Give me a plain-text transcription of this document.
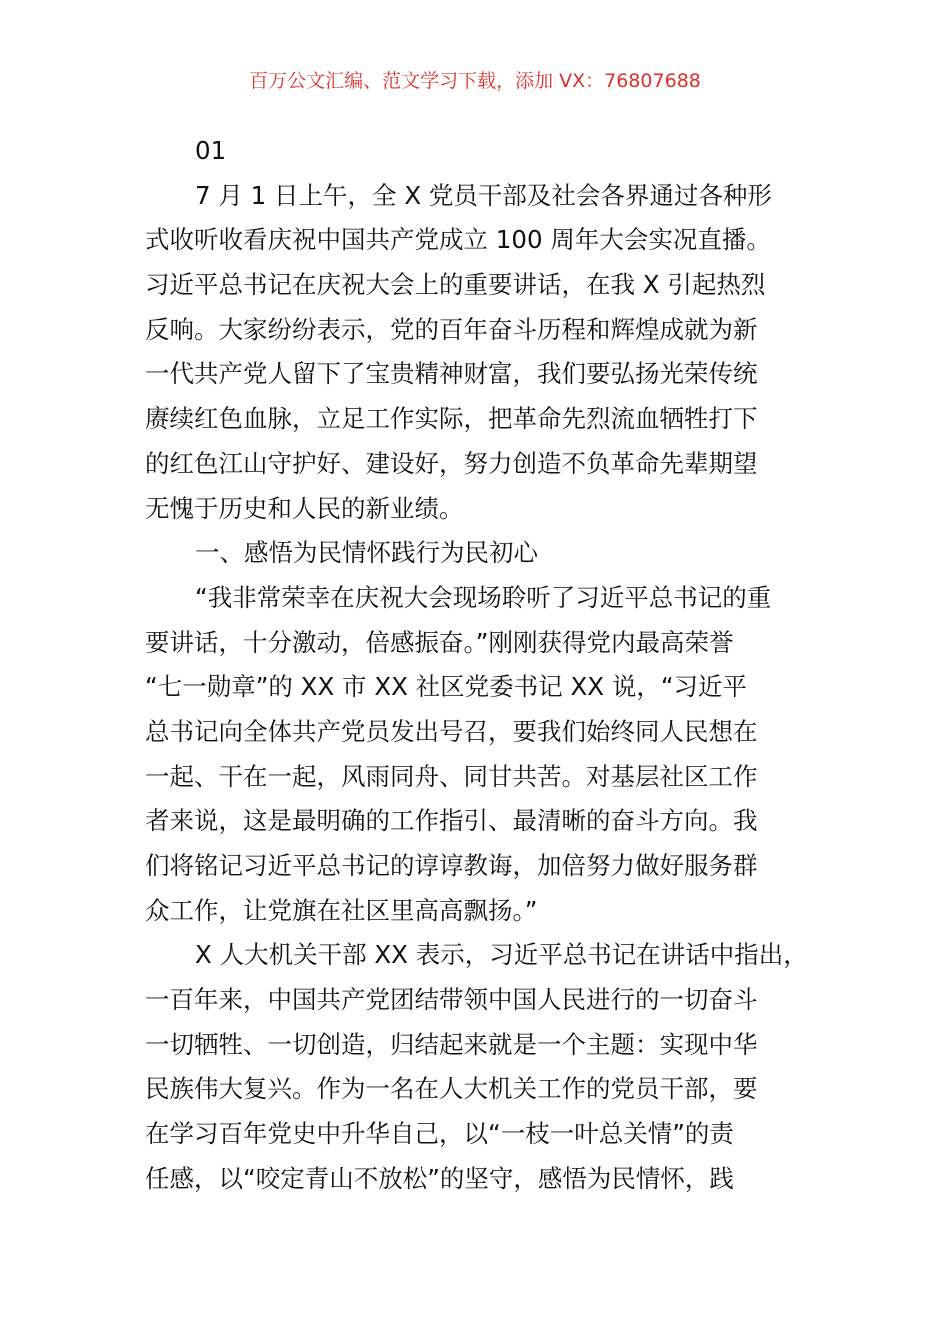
百万公文汇编、范文学习下载，添加 VX：76807688
01
7 月 1 日上午，全 X 党员干部及社会各界通过各种形
式收听收看庆祝中国共产党成立 100 周年大会实况直播。
习近平总书记在庆祝大会上的重要讲话，在我 X 引起热烈
反响。大家纷纷表示，党的百年奋斗历程和辉煌成就为新
一代共产党人留下了宝贵精神财富，我们要弘扬光荣传统
赓续红色血脉，立足工作实际，把革命先烈流血牺牲打下
的红色江山守护好、建设好，努力创造不负革命先辈期望
无愧于历史和人民的新业绩。
一、感悟为民情怀践行为民初心
“我非常荣幸在庆祝大会现场聆听了习近平总书记的重
要讲话，十分激动，倍感振奋。”刚刚获得党内最高荣誉
“七一勋章”的 XX 市 XX 社区党委书记 XX 说，“习近平
总书记向全体共产党员发出号召，要我们始终同人民想在
一起、干在一起，风雨同舟、同甘共苦。对基层社区工作
者来说，这是最明确的工作指引、最清晰的奋斗方向。我
们将铭记习近平总书记的谆谆教诲，加倍努力做好服务群
众工作，让党旗在社区里高高飘扬。”
X 人大机关干部 XX 表示，习近平总书记在讲话中指出，
一百年来，中国共产党团结带领中国人民进行的一切奋斗
一切牺牲、一切创造，归结起来就是一个主题：实现中华
民族伟大复兴。作为一名在人大机关工作的党员干部，要
在学习百年党史中升华自己，以“一枝一叶总关情”的责
任感，以“咬定青山不放松”的坚守，感悟为民情怀，践
